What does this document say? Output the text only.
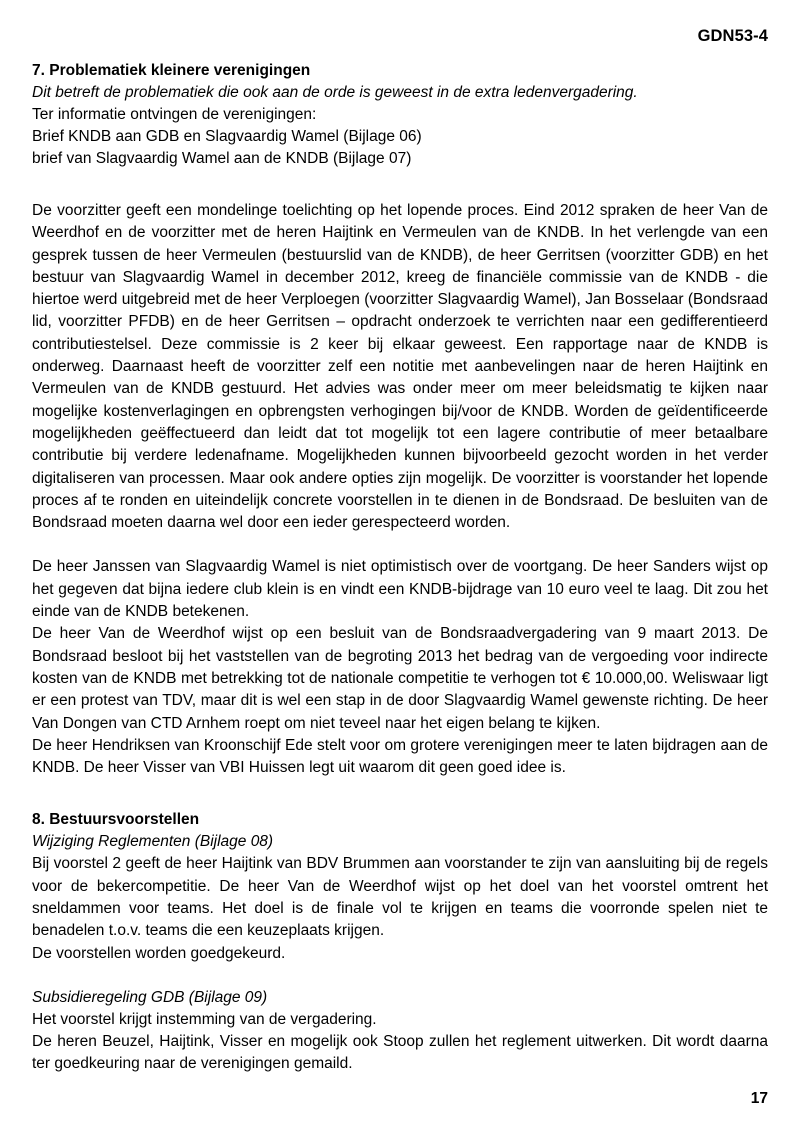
GDN53-4
7. Problematiek kleinere verenigingen
Dit betreft de problematiek die ook aan de orde is geweest in de extra ledenvergadering.
Ter informatie ontvingen de verenigingen:
Brief KNDB aan GDB en Slagvaardig Wamel (Bijlage 06)
brief van Slagvaardig Wamel aan de KNDB (Bijlage 07)

De voorzitter geeft een mondelinge toelichting op het lopende proces. Eind 2012 spraken de heer Van de Weerdhof en de voorzitter met de heren Haijtink en Vermeulen van de KNDB. In het verlengde van een gesprek tussen de heer Vermeulen (bestuurslid van de KNDB), de heer Gerritsen (voorzitter GDB) en het bestuur van Slagvaardig Wamel in december 2012, kreeg de financiële commissie van de KNDB - die hiertoe werd uitgebreid met de heer Verploegen (voorzitter Slagvaardig Wamel), Jan Bosselaar (Bondsraad lid, voorzitter PFDB) en de heer Gerritsen – opdracht onderzoek te verrichten naar een gedifferentieerd contributiestelsel. Deze commissie is 2 keer bij elkaar geweest. Een rapportage naar de KNDB is onderweg. Daarnaast heeft de voorzitter zelf een notitie met aanbevelingen naar de heren Haijtink en Vermeulen van de KNDB gestuurd. Het advies was onder meer om meer beleidsmatig te kijken naar mogelijke kostenverlagingen en opbrengsten verhogingen bij/voor de KNDB. Worden de geïdentificeerde mogelijkheden geëffectueerd dan leidt dat tot mogelijk tot een lagere contributie of meer betaalbare contributie bij verdere ledenafname. Mogelijkheden kunnen bijvoorbeeld gezocht worden in het verder digitaliseren van processen. Maar ook andere opties zijn mogelijk. De voorzitter is voorstander het lopende proces af te ronden en uiteindelijk concrete voorstellen in te dienen in de Bondsraad. De besluiten van de Bondsraad moeten daarna wel door een ieder gerespecteerd worden.

De heer Janssen van Slagvaardig Wamel is niet optimistisch over de voortgang. De heer Sanders wijst op het gegeven dat bijna iedere club klein is en vindt een KNDB-bijdrage van 10 euro veel te laag. Dit zou het einde van de KNDB betekenen.

De heer Van de Weerdhof wijst op een besluit van de Bondsraadvergadering van 9 maart 2013. De Bondsraad besloot bij het vaststellen van de begroting 2013 het bedrag van de vergoeding voor indirecte kosten van de KNDB met betrekking tot de nationale competitie te verhogen tot € 10.000,00. Weliswaar ligt er een protest van TDV, maar dit is wel een stap in de door Slagvaardig Wamel gewenste richting. De heer Van Dongen van CTD Arnhem roept om niet teveel naar het eigen belang te kijken.

De heer Hendriksen van Kroonschijf Ede stelt voor om grotere verenigingen meer te laten bijdragen aan de KNDB. De heer Visser van VBI Huissen legt uit waarom dit geen goed idee is.

8. Bestuursvoorstellen
Wijziging Reglementen (Bijlage 08)

Bij voorstel 2 geeft de heer Haijtink van BDV Brummen aan voorstander te zijn van aansluiting bij de regels voor de bekercompetitie. De heer Van de Weerdhof wijst op het doel van het voorstel omtrent het sneldammen voor teams. Het doel is de finale vol te krijgen en teams die voorronde spelen niet te benadelen t.o.v. teams die een keuzeplaats krijgen.

De voorstellen worden goedgekeurd.
Subsidieregeling GDB (Bijlage 09)
Het voorstel krijgt instemming van de vergadering.

De heren Beuzel, Haijtink, Visser en mogelijk ook Stoop zullen het reglement uitwerken. Dit wordt daarna ter goedkeuring naar de verenigingen gemaild.

17
